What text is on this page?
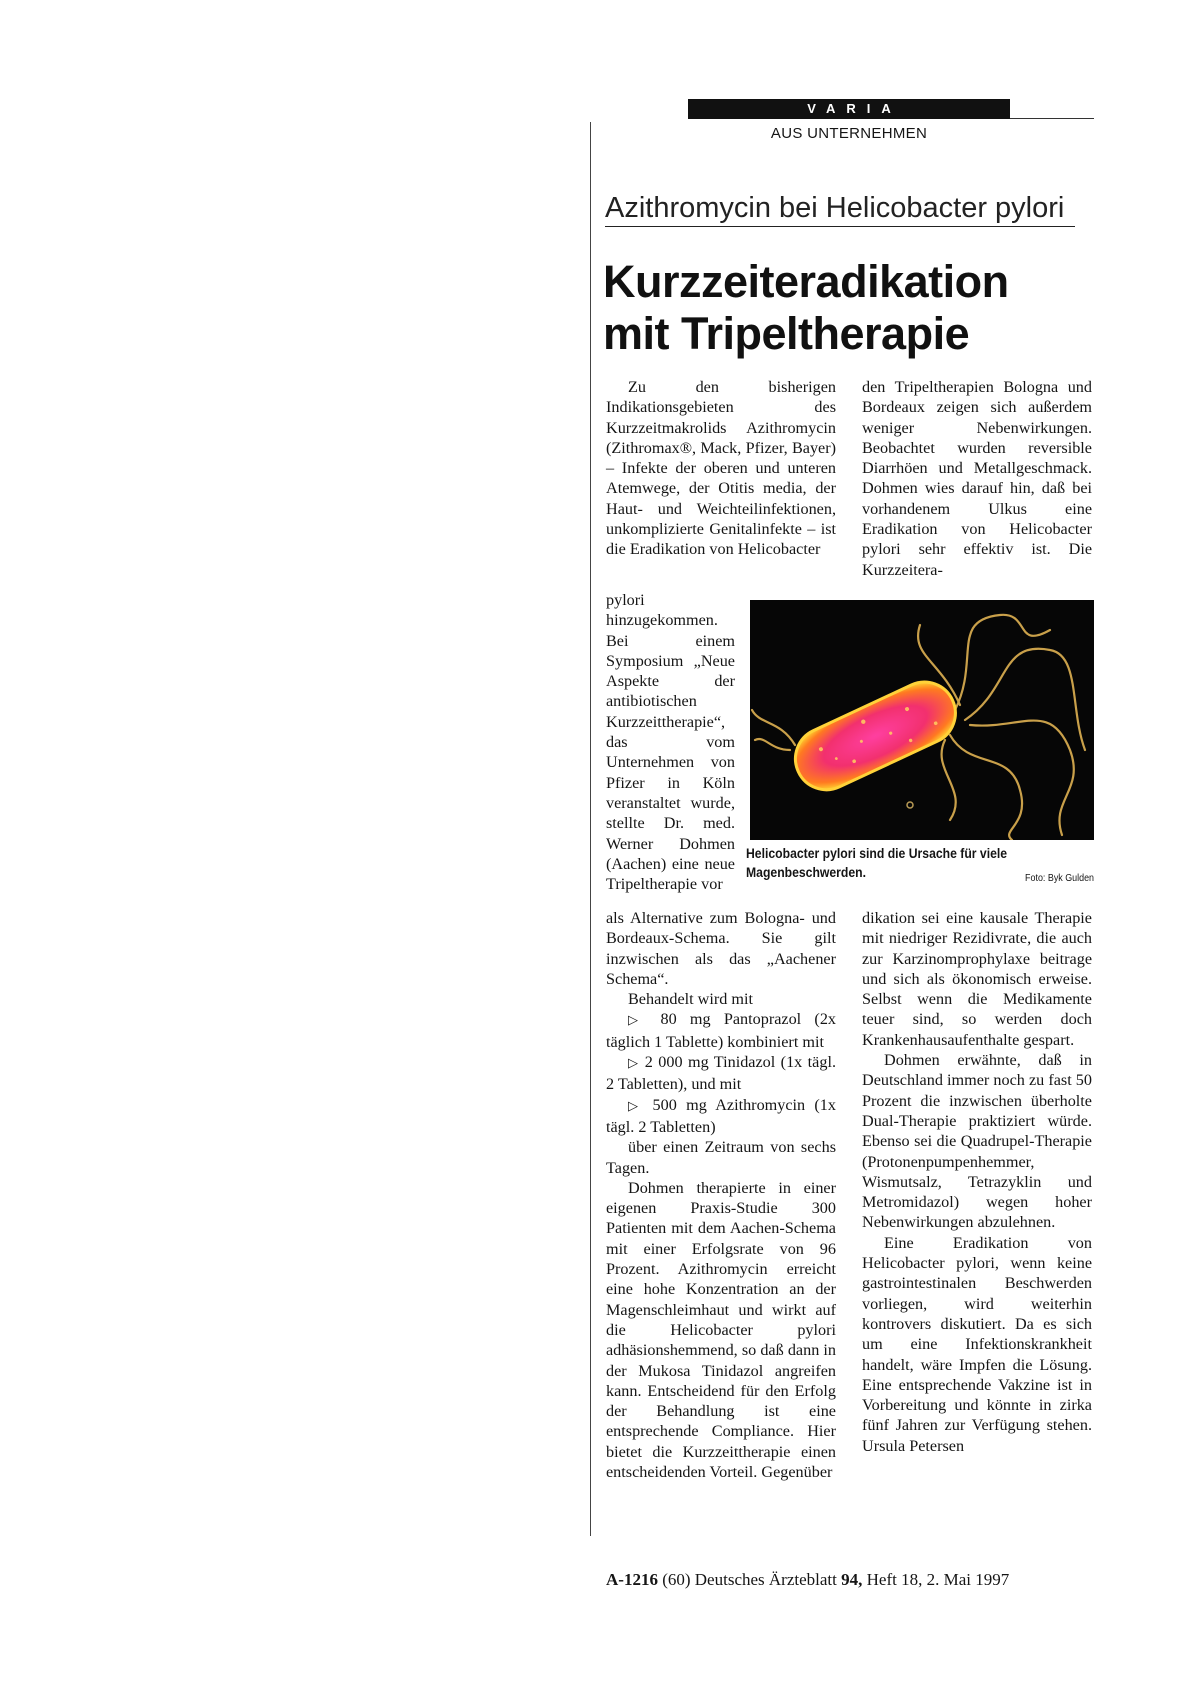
VARIA
AUS UNTERNEHMEN
Azithromycin bei Helicobacter pylori
Kurzzeiteradikation
mit Tripeltherapie

Zu den bisherigen Indikationsgebieten des Kurzzeitmakrolids Azithromycin (Zithromax®, Mack, Pfizer, Bayer) – Infekte der oberen und unteren Atemwege, der Otitis media, der Haut- und Weichteilinfektionen, unkomplizierte Genitalinfekte – ist die Eradikation von Helicobacter

pylori hinzugekommen. Bei einem Symposium „Neue Aspekte der antibiotischen Kurzzeittherapie“, das vom Unternehmen von Pfizer in Köln veranstaltet wurde, stellte Dr. med. Werner Dohmen (Aachen) eine neue Tripeltherapie vor

Helicobacter pylori sind die Ursache für viele Magenbeschwerden.	Foto: Byk Gulden

als Alternative zum Bologna- und Bordeaux-Schema. Sie gilt inzwischen als das „Aachener Schema“.

Behandelt wird mit

▷ 80 mg Pantoprazol (2x täglich 1 Tablette) kombiniert mit

▷ 2 000 mg Tinidazol (1x tägl. 2 Tabletten), und mit

▷ 500 mg Azithromycin (1x tägl. 2 Tabletten)

über einen Zeitraum von sechs Tagen.

Dohmen therapierte in einer eigenen Praxis-Studie 300 Patienten mit dem Aachen-Schema mit einer Erfolgsrate von 96 Prozent. Azithromycin erreicht eine hohe Konzentration an der Magenschleimhaut und wirkt auf die Helicobacter pylori adhäsionshemmend, so daß dann in der Mukosa Tinidazol angreifen kann. Entscheidend für den Erfolg der Behandlung ist eine entsprechende Compliance. Hier bietet die Kurzzeittherapie einen entscheidenden Vorteil. Gegenüber

den Tripeltherapien Bologna und Bordeaux zeigen sich außerdem weniger Nebenwirkungen. Beobachtet wurden reversible Diarrhöen und Metallgeschmack. Dohmen wies darauf hin, daß bei vorhandenem Ulkus eine Eradikation von Helicobacter pylori sehr effektiv ist. Die Kurzzeitera-

dikation sei eine kausale Therapie mit niedriger Rezidivrate, die auch zur Karzinomprophylaxe beitrage und sich als ökonomisch erweise. Selbst wenn die Medikamente teuer sind, so werden doch Krankenhausaufenthalte gespart.

Dohmen erwähnte, daß in Deutschland immer noch zu fast 50 Prozent die inzwischen überholte Dual-Therapie praktiziert würde. Ebenso sei die Quadrupel-Therapie (Protonenpumpenhemmer, Wismutsalz, Tetrazyklin und Metromidazol) wegen hoher Nebenwirkungen abzulehnen.

Eine Eradikation von Helicobacter pylori, wenn keine gastrointestinalen Beschwerden vorliegen, wird weiterhin kontrovers diskutiert. Da es sich um eine Infektionskrankheit handelt, wäre Impfen die Lösung. Eine entsprechende Vakzine ist in Vorbereitung und könnte in zirka fünf Jahren zur Verfügung stehen. Ursula Petersen

A-1216 (60) Deutsches Ärzteblatt 94, Heft 18, 2. Mai 1997
